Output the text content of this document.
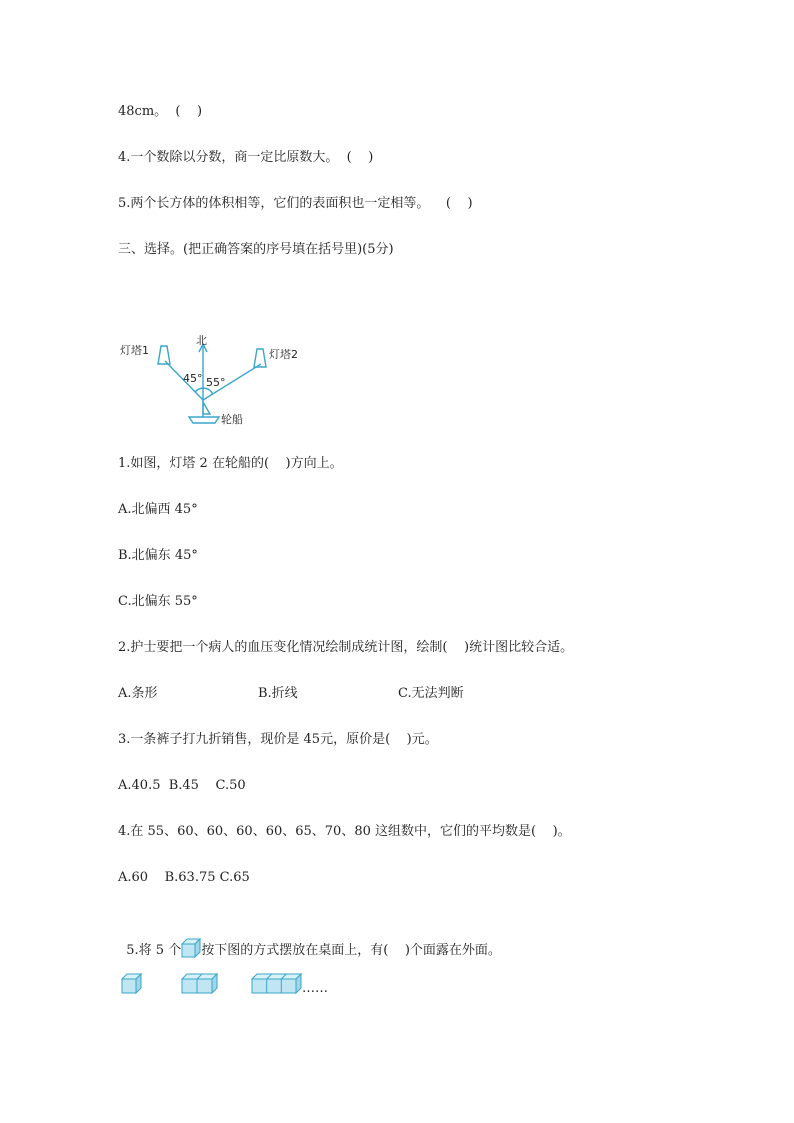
48cm。  (    )
4.一个数除以分数，商一定比原数大。  (    )
5.两个长方体的体积相等，它们的表面积也一定相等。    (    )
三、选择。(把正确答案的序号填在括号里)(5分)
灯塔1	灯塔2
北
45° 55°
轮船
1.如图，灯塔 2 在轮船的(    )方向上。
A.北偏西 45°
B.北偏东 45°
C.北偏东 55°
2.护士要把一个病人的血压变化情况绘制成统计图，绘制(    )统计图比较合适。
A.条形	B.折线	C.无法判断
3.一条裤子打九折销售，现价是 45元，原价是(    )元。
A.40.5  B.45    C.50
4.在 55、60、60、60、60、65、70、80 这组数中，它们的平均数是(    )。
A.60    B.63.75 C.65

5.将 5 个 按下图的方式摆放在桌面上，有(    )个面露在外面。

……
